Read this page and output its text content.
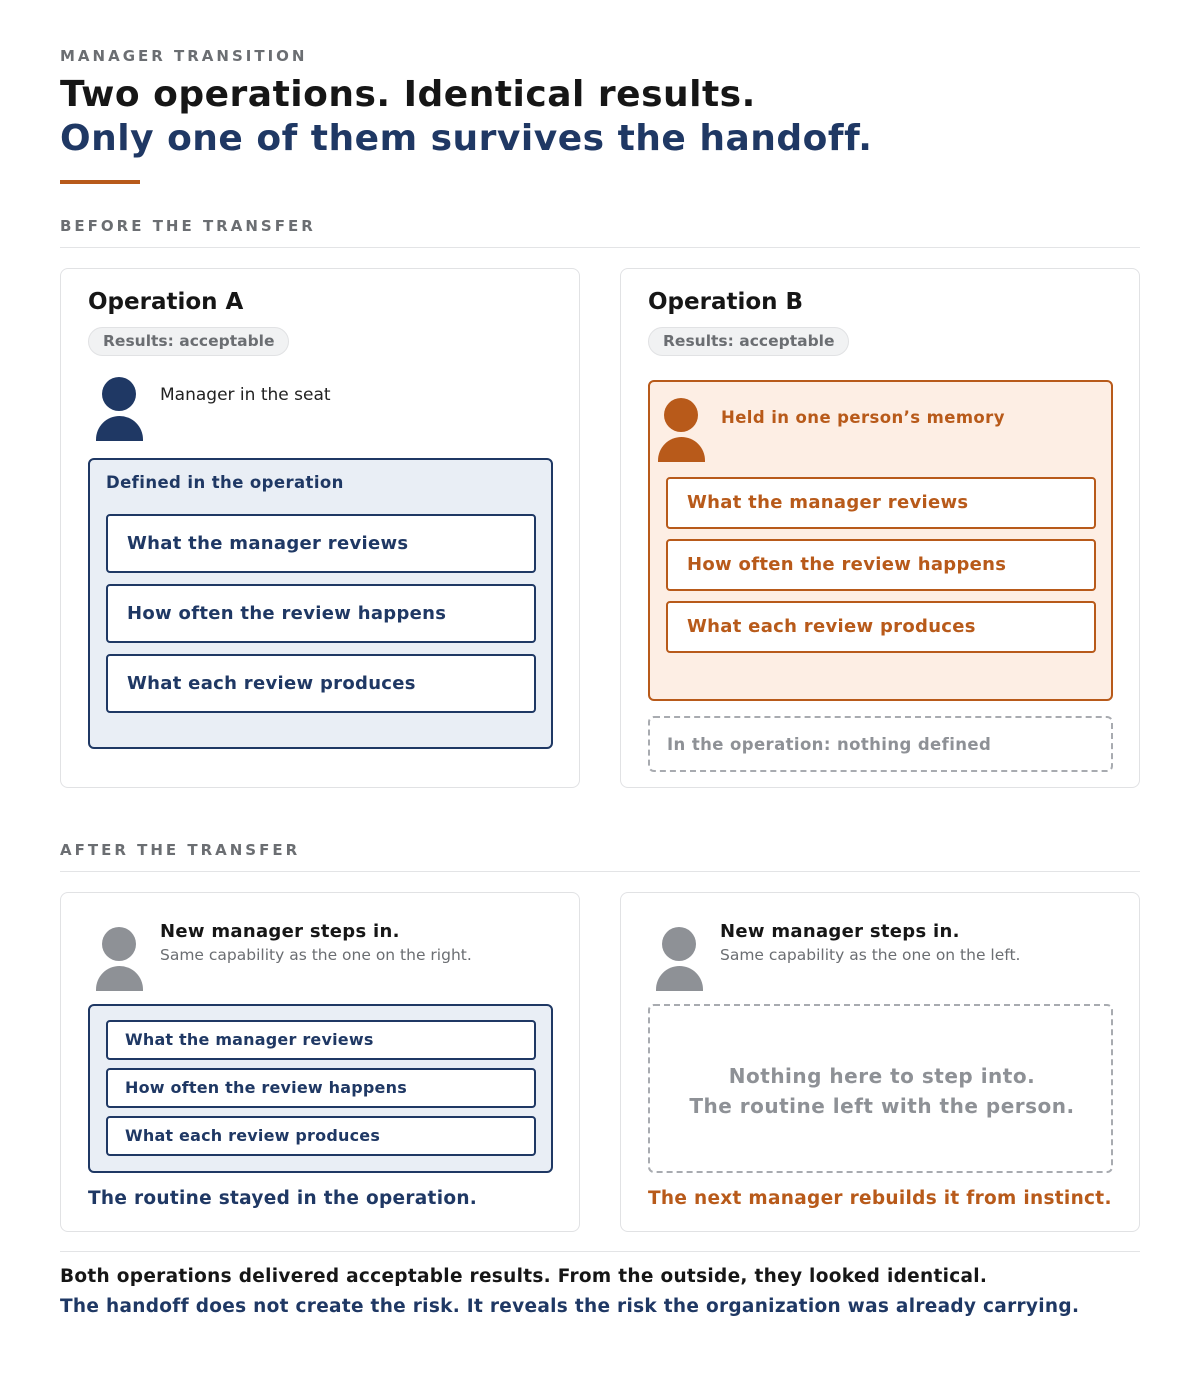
MANAGER TRANSITION
Two operations. Identical results.
Only one of them survives the handoff.
BEFORE THE TRANSFER
Operation A
Results: acceptable
Manager in the seat
Defined in the operation
What the manager reviews
How often the review happens
What each review produces
Operation B
Results: acceptable
Held in one person’s memory
What the manager reviews
How often the review happens
What each review produces
In the operation: nothing defined
AFTER THE TRANSFER
New manager steps in.
Same capability as the one on the right.
What the manager reviews
How often the review happens
What each review produces
The routine stayed in the operation.
New manager steps in.
Same capability as the one on the left.
Nothing here to step into.
The routine left with the person.
The next manager rebuilds it from instinct.
Both operations delivered acceptable results. From the outside, they looked identical.
The handoff does not create the risk. It reveals the risk the organization was already carrying.
